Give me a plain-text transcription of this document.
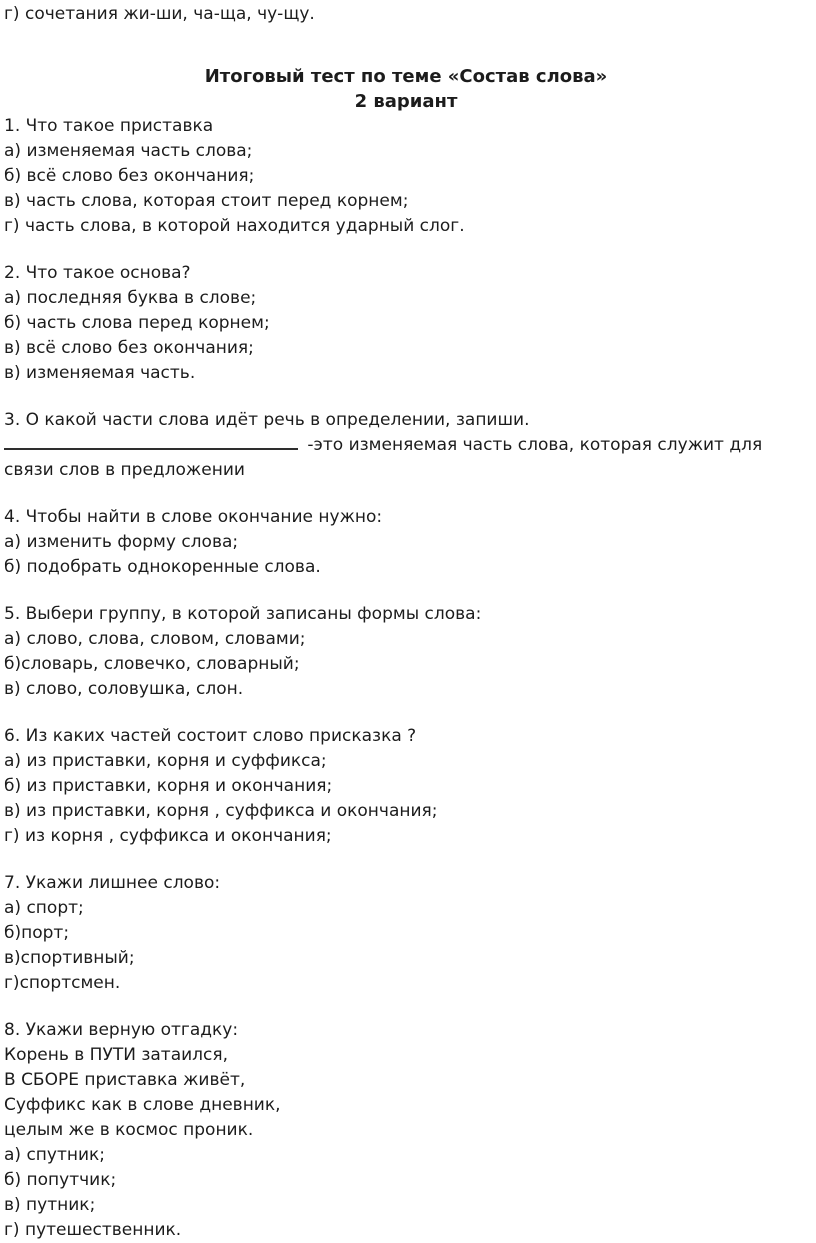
г) сочетания жи-ши, ча-ща, чу-щу.
Итоговый тест по теме «Состав слова»
2 вариант
1. Что такое приставка
а) изменяемая часть слова;
б) всё слово без окончания;
в) часть слова, которая стоит перед корнем;
г) часть слова, в которой находится ударный слог.
2. Что такое основа?
а) последняя буква в слове;
б) часть слова перед корнем;
в) всё слово без окончания;
в) изменяемая часть.
3. О какой части слова идёт речь в определении, запиши.
-это изменяемая часть слова, которая служит для
связи слов в предложении
4. Чтобы найти в слове окончание нужно:
а) изменить форму слова;
б) подобрать однокоренные слова.
5. Выбери группу, в которой записаны формы слова:
а) слово, слова, словом, словами;
б)словарь, словечко, словарный;
в) слово, соловушка, слон.
6. Из каких частей состоит слово присказка ?
а) из приставки, корня и суффикса;
б) из приставки, корня и окончания;
в) из приставки, корня , суффикса и окончания;
г) из корня , суффикса и окончания;
7. Укажи лишнее слово:
а) спорт;
б)порт;
в)спортивный;
г)спортсмен.
8. Укажи верную отгадку:
Корень в ПУТИ затаился,
В СБОРЕ приставка живёт,
Суффикс как в слове дневник,
целым же в космос проник.
а) спутник;
б) попутчик;
в) путник;
г) путешественник.
